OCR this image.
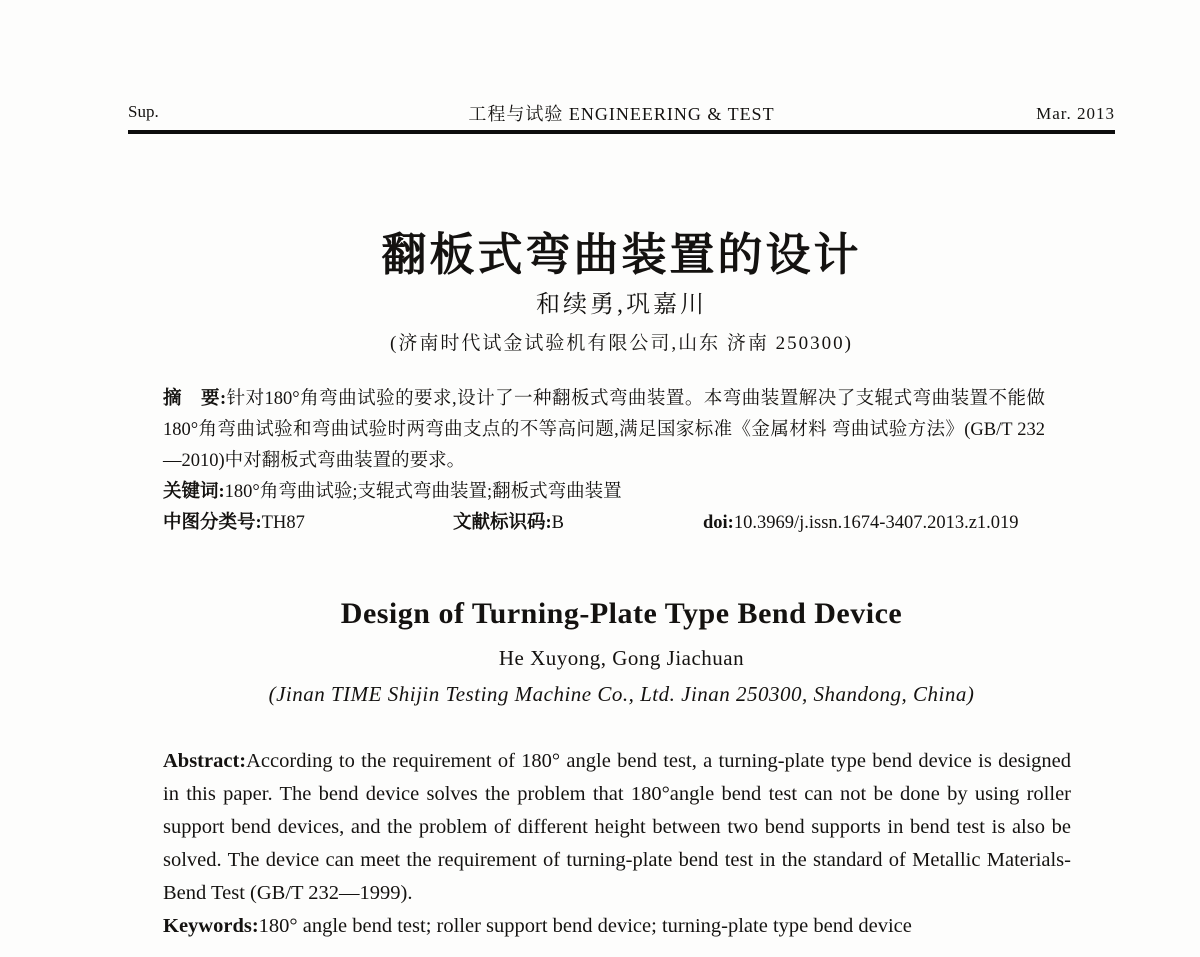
Sup.	工程与试验 ENGINEERING & TEST	Mar. 2013
翻板式弯曲装置的设计
和续勇,巩嘉川
(济南时代试金试验机有限公司,山东 济南 250300)

摘　要:针对180°角弯曲试验的要求,设计了一种翻板式弯曲装置。本弯曲装置解决了支辊式弯曲装置不能做180°角弯曲试验和弯曲试验时两弯曲支点的不等高问题,满足国家标准《金属材料 弯曲试验方法》(GB/T 232—2010)中对翻板式弯曲装置的要求。

关键词:180°角弯曲试验;支辊式弯曲装置;翻板式弯曲装置

中图分类号:TH87	文献标识码:B	doi:10.3969/j.issn.1674-3407.2013.z1.019

Design of Turning-Plate Type Bend Device
He Xuyong, Gong Jiachuan
(Jinan TIME Shijin Testing Machine Co., Ltd. Jinan 250300, Shandong, China)

Abstract:According to the requirement of 180° angle bend test, a turning-plate type bend device is designed in this paper. The bend device solves the problem that 180°angle bend test can not be done by using roller support bend devices, and the problem of different height between two bend supports in bend test is also be solved. The device can meet the requirement of turning-plate bend test in the standard of Metallic Materials-Bend Test (GB/T 232—1999).

Keywords:180° angle bend test; roller support bend device; turning-plate type bend device
